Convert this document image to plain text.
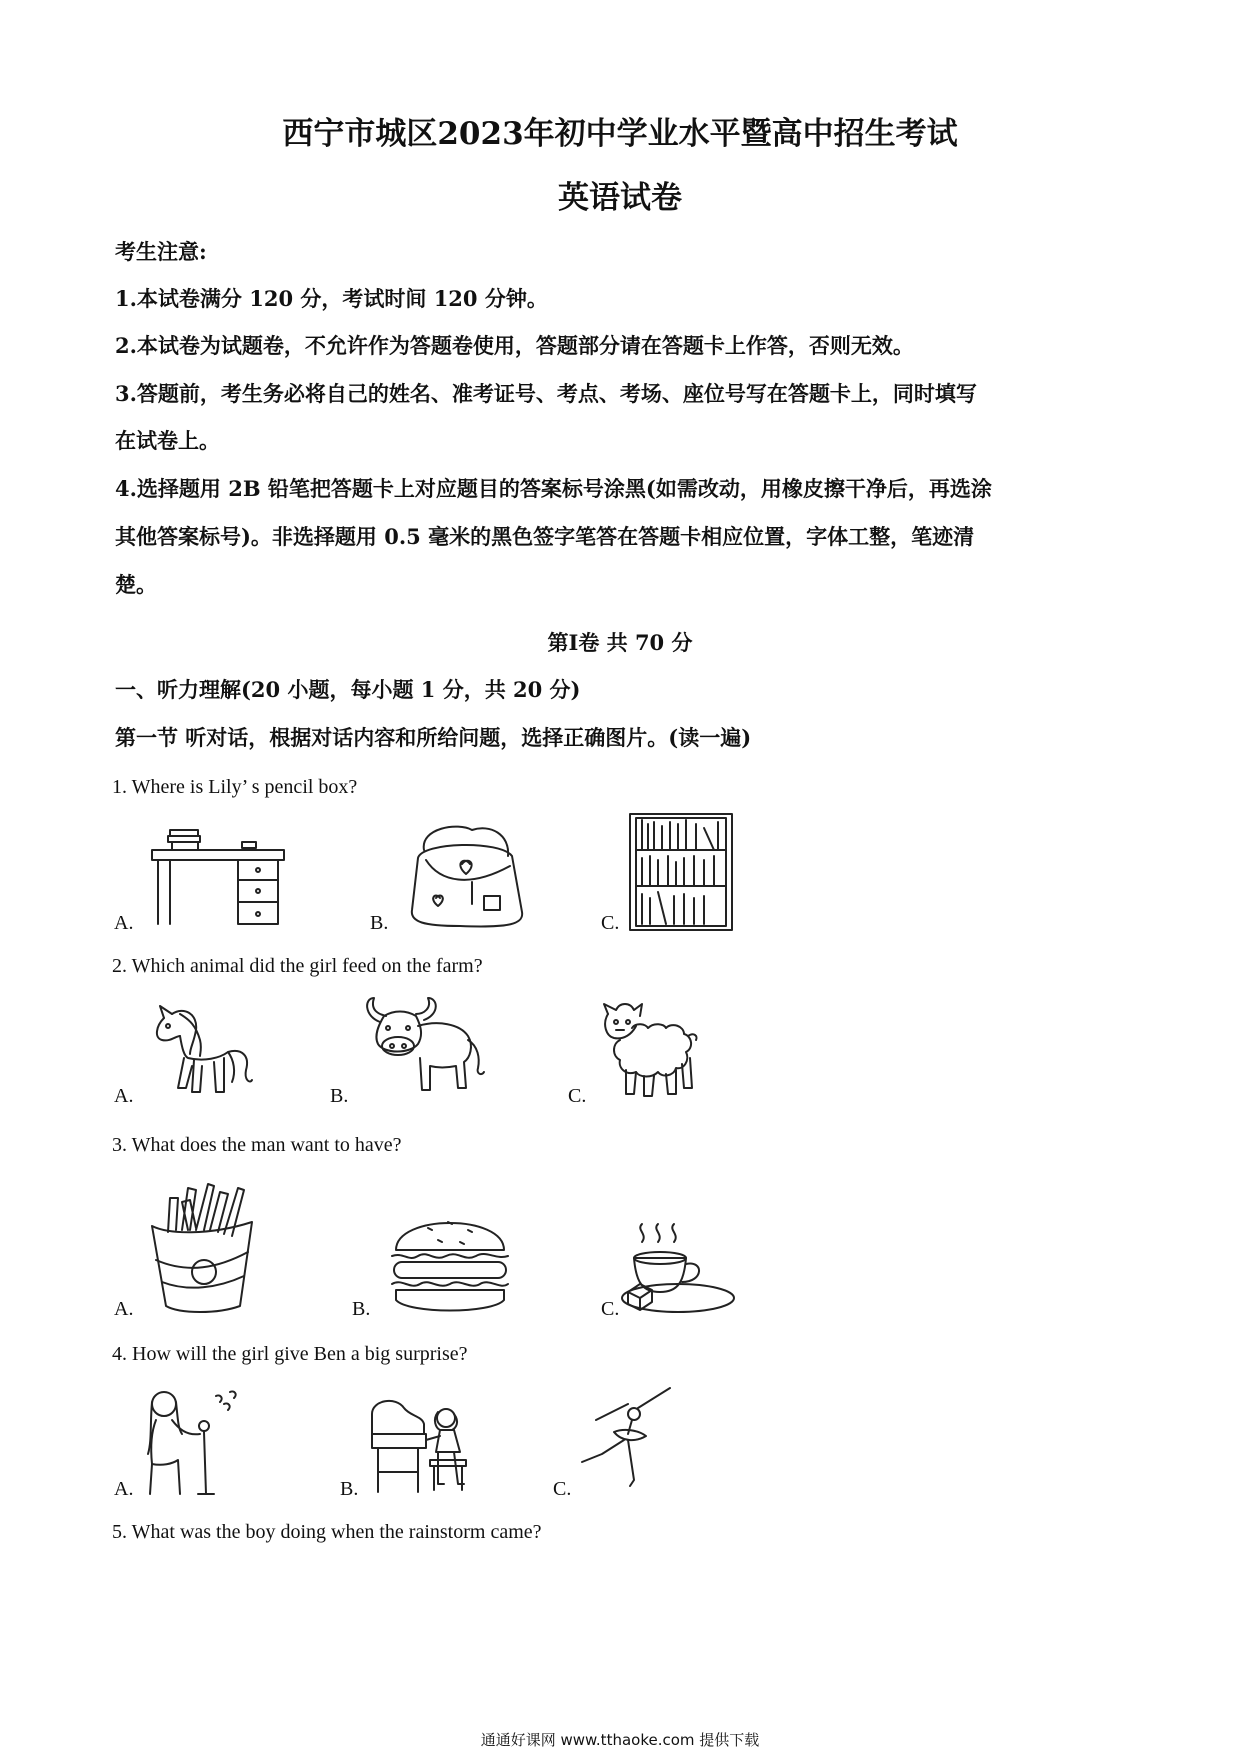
西宁市城区2023年初中学业水平暨高中招生考试
英语试卷
考生注意:
1.本试卷满分 120 分，考试时间 120 分钟。
2.本试卷为试题卷，不允许作为答题卷使用，答题部分请在答题卡上作答，否则无效。
3.答题前，考生务必将自己的姓名、准考证号、考点、考场、座位号写在答题卡上，同时填写
在试卷上。
4.选择题用 2B 铅笔把答题卡上对应题目的答案标号涂黑(如需改动，用橡皮擦干净后，再选涂
其他答案标号)。非选择题用 0.5 毫米的黑色签字笔答在答题卡相应位置，字体工整，笔迹清
楚。
第Ⅰ卷 共 70 分
一、听力理解(20 小题，每小题 1 分，共 20 分)
第一节 听对话，根据对话内容和所给问题，选择正确图片。(读一遍)
1. Where is Lily’ s pencil box?
A.	B.	C.
2. Which animal did the girl feed on the farm?
A.	B.	C.
3. What does the man want to have?
A.	B.	C.
4. How will the girl give Ben a big surprise?
A.	B.	C.
5. What was the boy doing when the rainstorm came?
通通好课网 www.tthaoke.com 提供下载
